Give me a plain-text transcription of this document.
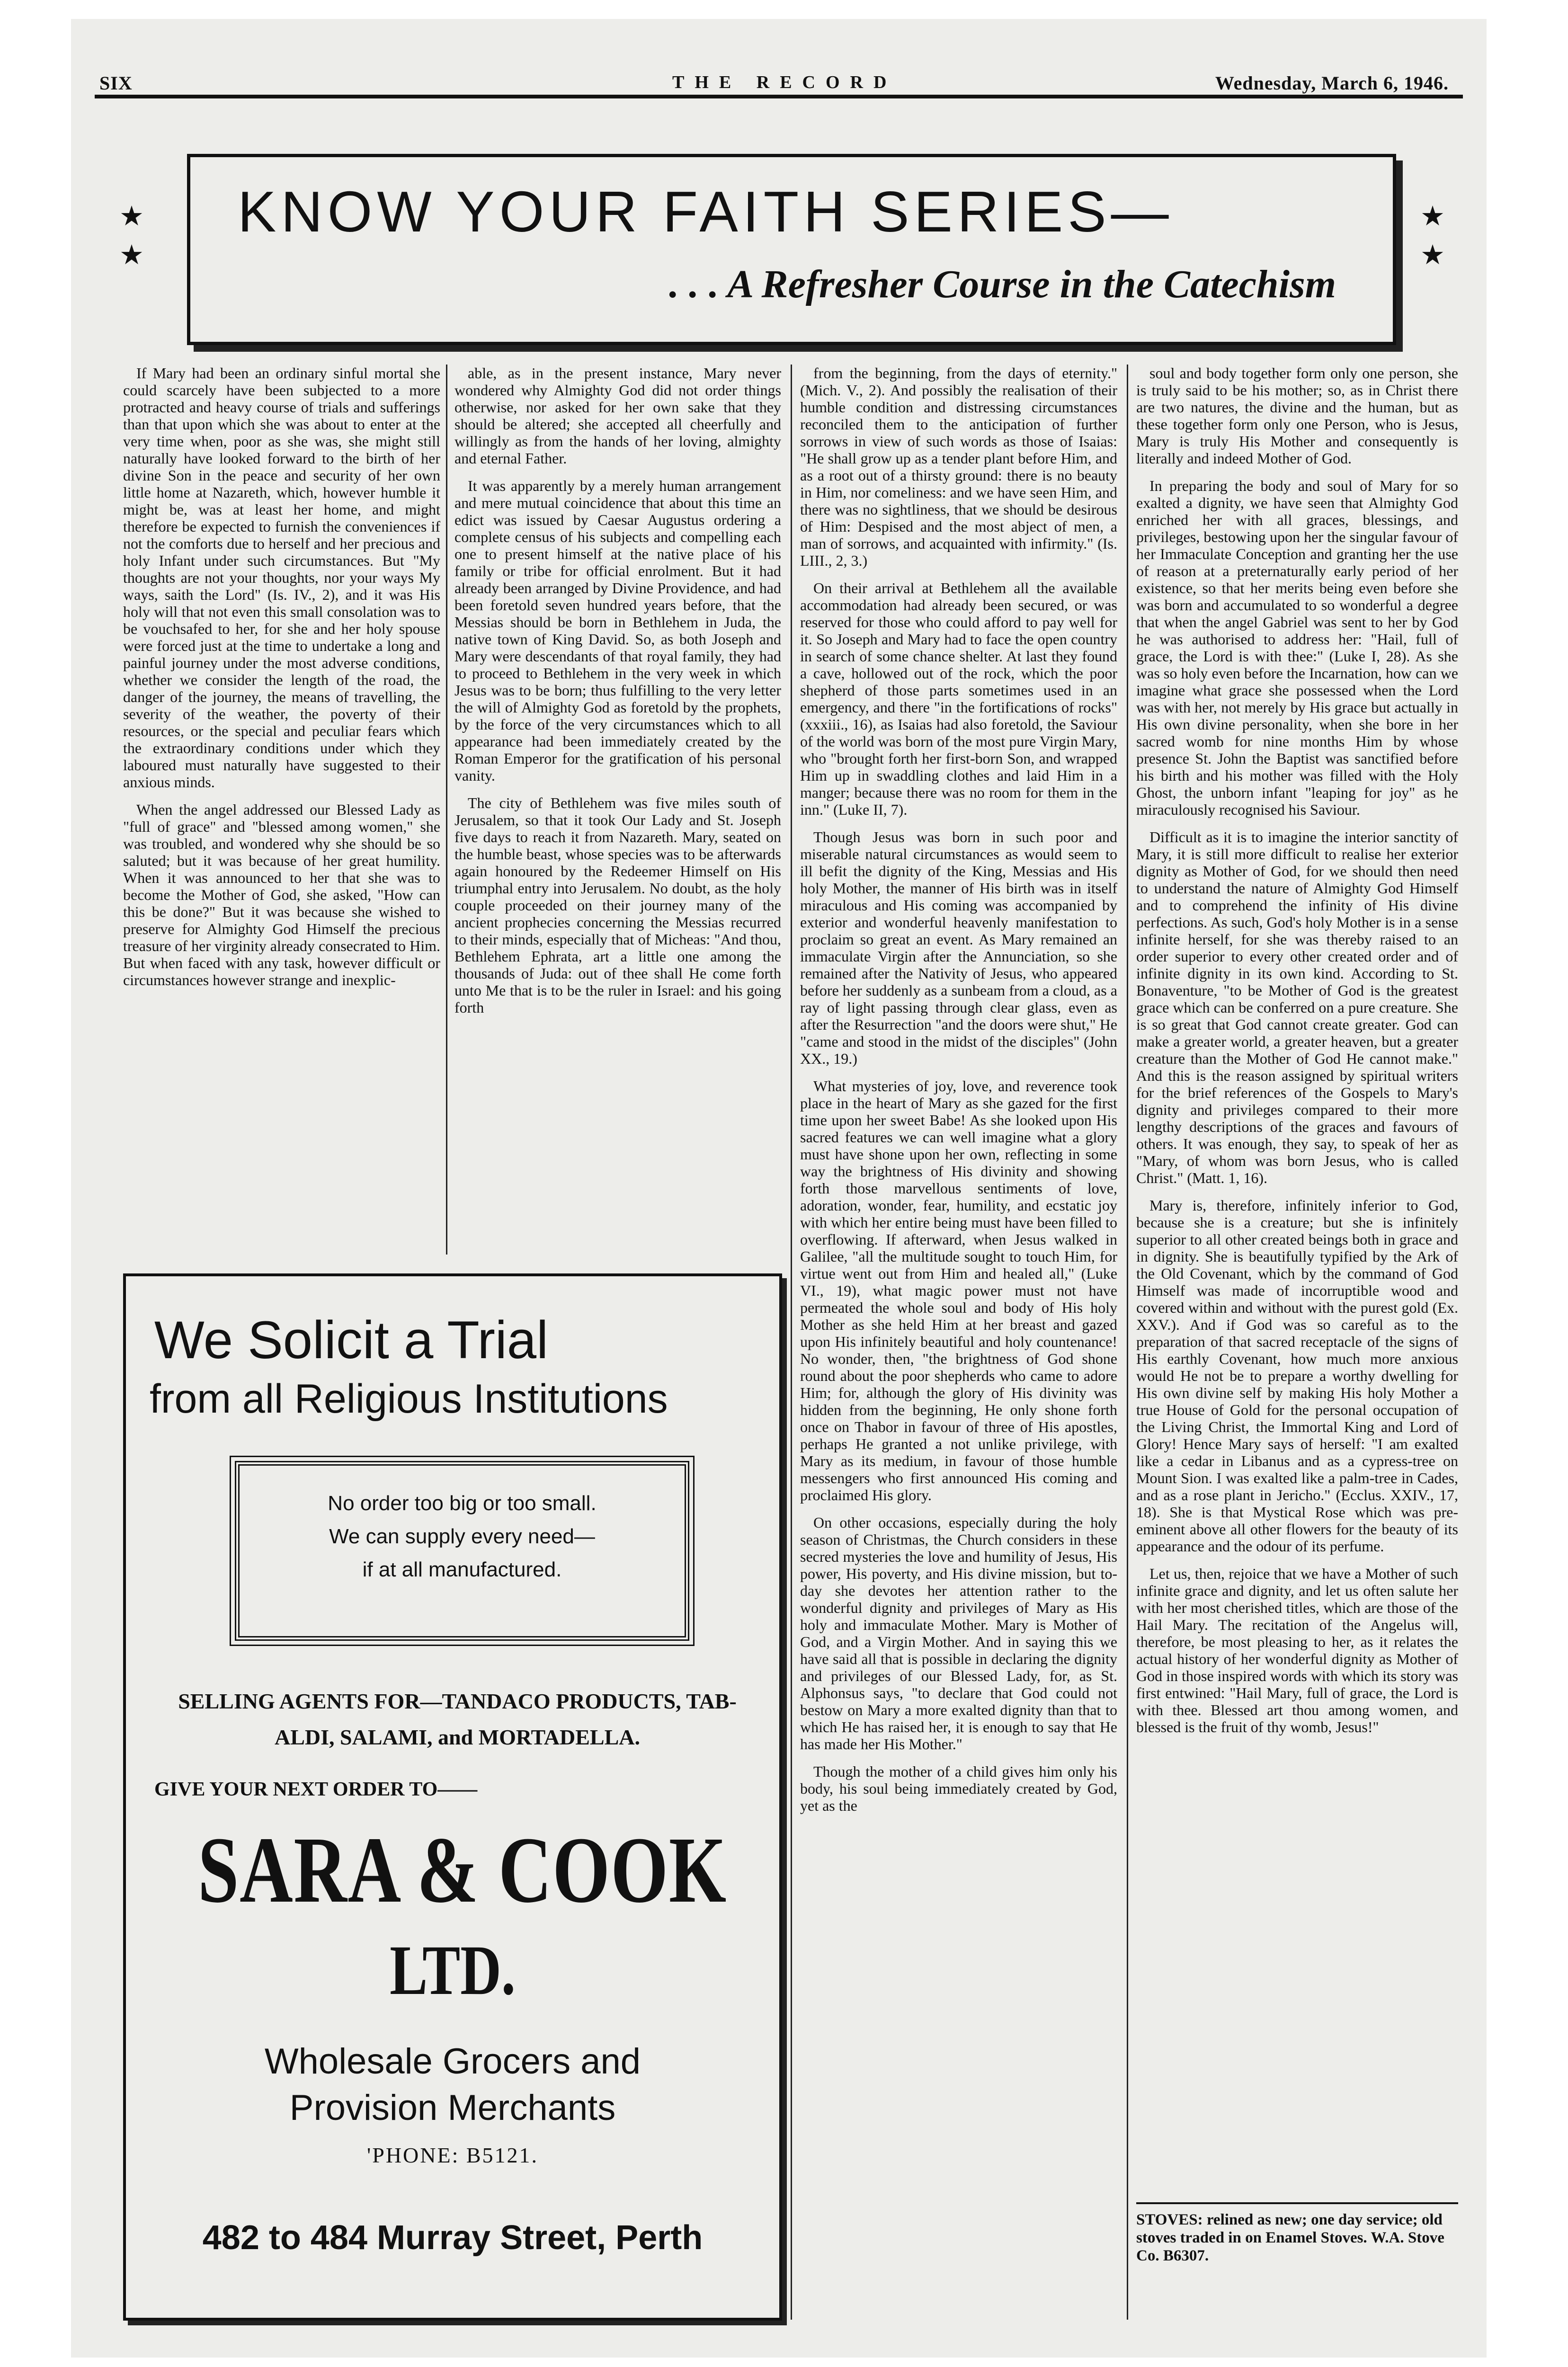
SIX	THE RECORD	Wednesday, March 6, 1946.
★
★
★
★
KNOW YOUR FAITH SERIES—
. . . A Refresher Course in the Catechism

If Mary had been an ordinary sinful mortal she could scarcely have been subjected to a more protracted and heavy course of trials and sufferings than that upon which she was about to enter at the very time when, poor as she was, she might still naturally have looked forward to the birth of her divine Son in the peace and security of her own little home at Nazareth, which, however humble it might be, was at least her home, and might therefore be expected to furnish the conveniences if not the comforts due to herself and her precious and holy Infant under such circumstances. But "My thoughts are not your thoughts, nor your ways My ways, saith the Lord" (Is. IV., 2), and it was His holy will that not even this small consolation was to be vouchsafed to her, for she and her holy spouse were forced just at the time to undertake a long and painful journey under the most adverse conditions, whether we consider the length of the road, the danger of the journey, the means of travelling, the severity of the weather, the poverty of their resources, or the special and peculiar fears which the extraordinary conditions under which they laboured must naturally have suggested to their anxious minds.

When the angel addressed our Blessed Lady as "full of grace" and "blessed among women," she was troubled, and wondered why she should be so saluted; but it was because of her great humility. When it was announced to her that she was to become the Mother of God, she asked, "How can this be done?" But it was because she wished to preserve for Almighty God Himself the precious treasure of her virginity already consecrated to Him. But when faced with any task, however difficult or circumstances however strange and inexplic-

able, as in the present instance, Mary never wondered why Almighty God did not order things otherwise, nor asked for her own sake that they should be altered; she accepted all cheerfully and willingly as from the hands of her loving, almighty and eternal Father.

It was apparently by a merely human arrangement and mere mutual coincidence that about this time an edict was issued by Caesar Augustus ordering a complete census of his subjects and compelling each one to present himself at the native place of his family or tribe for official enrolment. But it had already been arranged by Divine Providence, and had been foretold seven hundred years before, that the Messias should be born in Bethlehem in Juda, the native town of King David. So, as both Joseph and Mary were descendants of that royal family, they had to proceed to Bethlehem in the very week in which Jesus was to be born; thus fulfilling to the very letter the will of Almighty God as foretold by the prophets, by the force of the very circumstances which to all appearance had been immediately created by the Roman Emperor for the gratification of his personal vanity.

The city of Bethlehem was five miles south of Jerusalem, so that it took Our Lady and St. Joseph five days to reach it from Nazareth. Mary, seated on the humble beast, whose species was to be afterwards again honoured by the Redeemer Himself on His triumphal entry into Jerusalem. No doubt, as the holy couple proceeded on their journey many of the ancient prophecies concerning the Messias recurred to their minds, especially that of Micheas: "And thou, Bethlehem Ephrata, art a little one among the thousands of Juda: out of thee shall He come forth unto Me that is to be the ruler in Israel: and his going forth

from the beginning, from the days of eternity." (Mich. V., 2). And possibly the realisation of their humble condition and distressing circumstances reconciled them to the anticipation of further sorrows in view of such words as those of Isaias: "He shall grow up as a tender plant before Him, and as a root out of a thirsty ground: there is no beauty in Him, nor comeliness: and we have seen Him, and there was no sightliness, that we should be desirous of Him: Despised and the most abject of men, a man of sorrows, and acquainted with infirmity." (Is. LIII., 2, 3.)

On their arrival at Bethlehem all the available accommodation had already been secured, or was reserved for those who could afford to pay well for it. So Joseph and Mary had to face the open country in search of some chance shelter. At last they found a cave, hollowed out of the rock, which the poor shepherd of those parts sometimes used in an emergency, and there "in the fortifications of rocks" (xxxiii., 16), as Isaias had also foretold, the Saviour of the world was born of the most pure Virgin Mary, who "brought forth her first-born Son, and wrapped Him up in swaddling clothes and laid Him in a manger; because there was no room for them in the inn." (Luke II, 7).

Though Jesus was born in such poor and miserable natural circumstances as would seem to ill befit the dignity of the King, Messias and His holy Mother, the manner of His birth was in itself miraculous and His coming was accompanied by exterior and wonderful heavenly manifestation to proclaim so great an event. As Mary remained an immaculate Virgin after the Annunciation, so she remained after the Nativity of Jesus, who appeared before her suddenly as a sunbeam from a cloud, as a ray of light passing through clear glass, even as after the Resurrection "and the doors were shut," He "came and stood in the midst of the disciples" (John XX., 19.)

What mysteries of joy, love, and reverence took place in the heart of Mary as she gazed for the first time upon her sweet Babe! As she looked upon His sacred features we can well imagine what a glory must have shone upon her own, reflecting in some way the brightness of His divinity and showing forth those marvellous sentiments of love, adoration, wonder, fear, humility, and ecstatic joy with which her entire being must have been filled to overflowing. If afterward, when Jesus walked in Galilee, "all the multitude sought to touch Him, for virtue went out from Him and healed all," (Luke VI., 19), what magic power must not have permeated the whole soul and body of His holy Mother as she held Him at her breast and gazed upon His infinitely beautiful and holy countenance! No wonder, then, "the brightness of God shone round about the poor shepherds who came to adore Him; for, although the glory of His divinity was hidden from the beginning, He only shone forth once on Thabor in favour of three of His apostles, perhaps He granted a not unlike privilege, with Mary as its medium, in favour of those humble messengers who first announced His coming and proclaimed His glory.

On other occasions, especially during the holy season of Christmas, the Church considers in these secred mysteries the love and humility of Jesus, His power, His poverty, and His divine mission, but to-day she devotes her attention rather to the wonderful dignity and privileges of Mary as His holy and immaculate Mother. Mary is Mother of God, and a Virgin Mother. And in saying this we have said all that is possible in declaring the dignity and privileges of our Blessed Lady, for, as St. Alphonsus says, "to declare that God could not bestow on Mary a more exalted dignity than that to which He has raised her, it is enough to say that He has made her His Mother."

Though the mother of a child gives him only his body, his soul being immediately created by God, yet as the

soul and body together form only one person, she is truly said to be his mother; so, as in Christ there are two natures, the divine and the human, but as these together form only one Person, who is Jesus, Mary is truly His Mother and consequently is literally and indeed Mother of God.

In preparing the body and soul of Mary for so exalted a dignity, we have seen that Almighty God enriched her with all graces, blessings, and privileges, bestowing upon her the singular favour of her Immaculate Conception and granting her the use of reason at a preternaturally early period of her existence, so that her merits being even before she was born and accumulated to so wonderful a degree that when the angel Gabriel was sent to her by God he was authorised to address her: "Hail, full of grace, the Lord is with thee:" (Luke I, 28). As she was so holy even before the Incarnation, how can we imagine what grace she possessed when the Lord was with her, not merely by His grace but actually in His own divine personality, when she bore in her sacred womb for nine months Him by whose presence St. John the Baptist was sanctified before his birth and his mother was filled with the Holy Ghost, the unborn infant "leaping for joy" as he miraculously recognised his Saviour.

Difficult as it is to imagine the interior sanctity of Mary, it is still more difficult to realise her exterior dignity as Mother of God, for we should then need to understand the nature of Almighty God Himself and to comprehend the infinity of His divine perfections. As such, God's holy Mother is in a sense infinite herself, for she was thereby raised to an order superior to every other created order and of infinite dignity in its own kind. According to St. Bonaventure, "to be Mother of God is the greatest grace which can be conferred on a pure creature. She is so great that God cannot create greater. God can make a greater world, a greater heaven, but a greater creature than the Mother of God He cannot make." And this is the reason assigned by spiritual writers for the brief references of the Gospels to Mary's dignity and privileges compared to their more lengthy descriptions of the graces and favours of others. It was enough, they say, to speak of her as "Mary, of whom was born Jesus, who is called Christ." (Matt. 1, 16).

Mary is, therefore, infinitely inferior to God, because she is a creature; but she is infinitely superior to all other created beings both in grace and in dignity. She is beautifully typified by the Ark of the Old Covenant, which by the command of God Himself was made of incorruptible wood and covered within and without with the purest gold (Ex. XXV.). And if God was so careful as to the preparation of that sacred receptacle of the signs of His earthly Covenant, how much more anxious would He not be to prepare a worthy dwelling for His own divine self by making His holy Mother a true House of Gold for the personal occupation of the Living Christ, the Immortal King and Lord of Glory! Hence Mary says of herself: "I am exalted like a cedar in Libanus and as a cypress-tree on Mount Sion. I was exalted like a palm-tree in Cades, and as a rose plant in Jericho." (Ecclus. XXIV., 17, 18). She is that Mystical Rose which was pre-eminent above all other flowers for the beauty of its appearance and the odour of its perfume.

Let us, then, rejoice that we have a Mother of such infinite grace and dignity, and let us often salute her with her most cherished titles, which are those of the Hail Mary. The recitation of the Angelus will, therefore, be most pleasing to her, as it relates the actual history of her wonderful dignity as Mother of God in those inspired words with which its story was first entwined: "Hail Mary, full of grace, the Lord is with thee. Blessed art thou among women, and blessed is the fruit of thy womb, Jesus!"

We Solicit a Trial
from all Religious Institutions
No order too big or too small.
We can supply every need—
if at all manufactured.
SELLING AGENTS FOR—TANDACO PRODUCTS, TAB-
ALDI, SALAMI, and MORTADELLA.
GIVE YOUR NEXT ORDER TO——
SARA & COOK
LTD.
Wholesale Grocers and
Provision Merchants
'PHONE: B5121.
482 to 484 Murray Street, Perth	STOVES: relined as new; one day service; old stoves traded in on Enamel Stoves. W.A. Stove Co. B6307.
